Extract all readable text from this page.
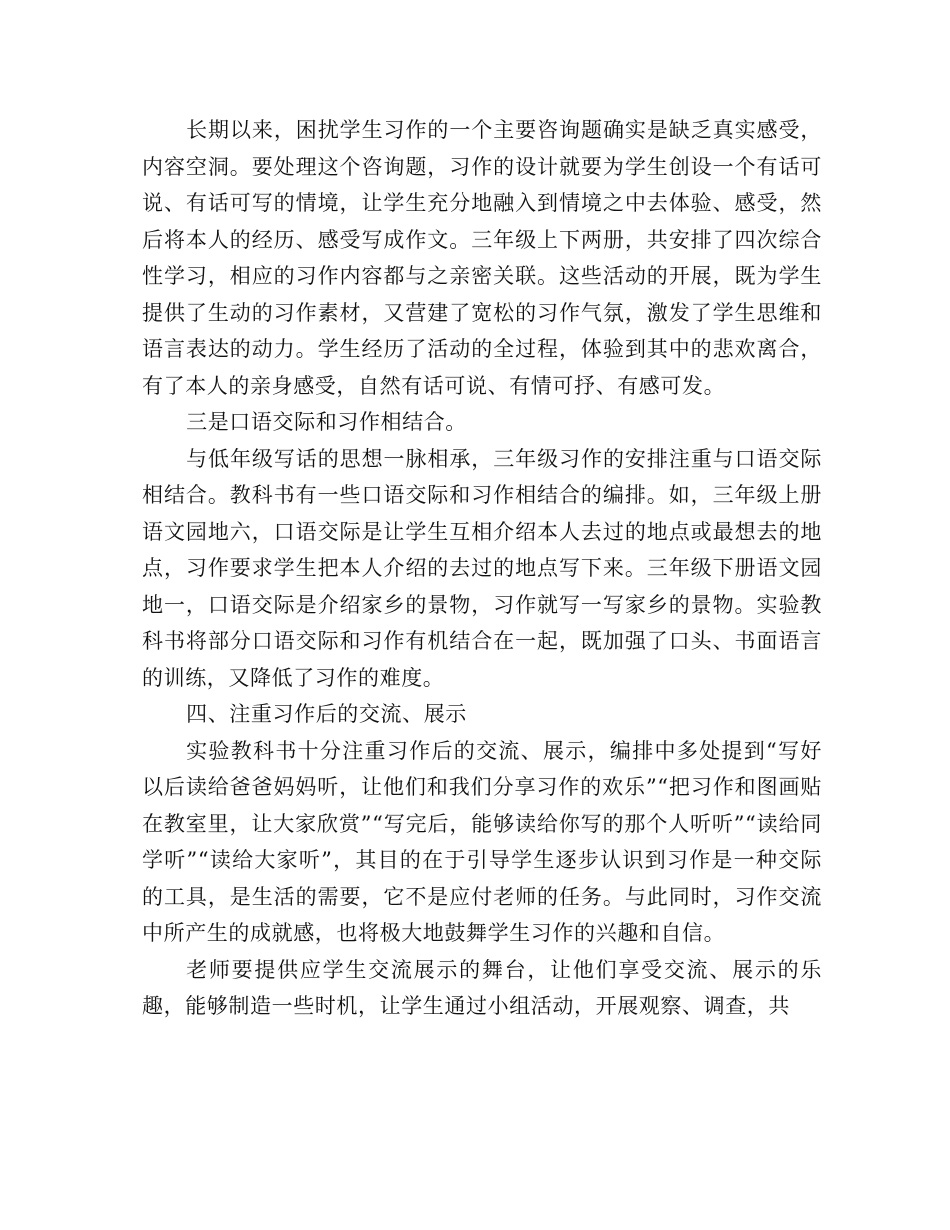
长期以来，困扰学生习作的一个主要咨询题确实是缺乏真实感受，内容空洞。要处理这个咨询题，习作的设计就要为学生创设一个有话可说、有话可写的情境，让学生充分地融入到情境之中去体验、感受，然后将本人的经历、感受写成作文。三年级上下两册，共安排了四次综合性学习，相应的习作内容都与之亲密关联。这些活动的开展，既为学生提供了生动的习作素材，又营建了宽松的习作气氛，激发了学生思维和语言表达的动力。学生经历了活动的全过程，体验到其中的悲欢离合，有了本人的亲身感受，自然有话可说、有情可抒、有感可发。

三是口语交际和习作相结合。

与低年级写话的思想一脉相承，三年级习作的安排注重与口语交际相结合。教科书有一些口语交际和习作相结合的编排。如，三年级上册语文园地六，口语交际是让学生互相介绍本人去过的地点或最想去的地点，习作要求学生把本人介绍的去过的地点写下来。三年级下册语文园地一，口语交际是介绍家乡的景物，习作就写一写家乡的景物。实验教科书将部分口语交际和习作有机结合在一起，既加强了口头、书面语言的训练，又降低了习作的难度。

四、注重习作后的交流、展示

实验教科书十分注重习作后的交流、展示，编排中多处提到“写好以后读给爸爸妈妈听，让他们和我们分享习作的欢乐”“把习作和图画贴在教室里，让大家欣赏”“写完后，能够读给你写的那个人听听”“读给同学听”“读给大家听”，其目的在于引导学生逐步认识到习作是一种交际的工具，是生活的需要，它不是应付老师的任务。与此同时，习作交流中所产生的成就感，也将极大地鼓舞学生习作的兴趣和自信。

老师要提供应学生交流展示的舞台，让他们享受交流、展示的乐趣，能够制造一些时机，让学生通过小组活动，开展观察、调查，共
